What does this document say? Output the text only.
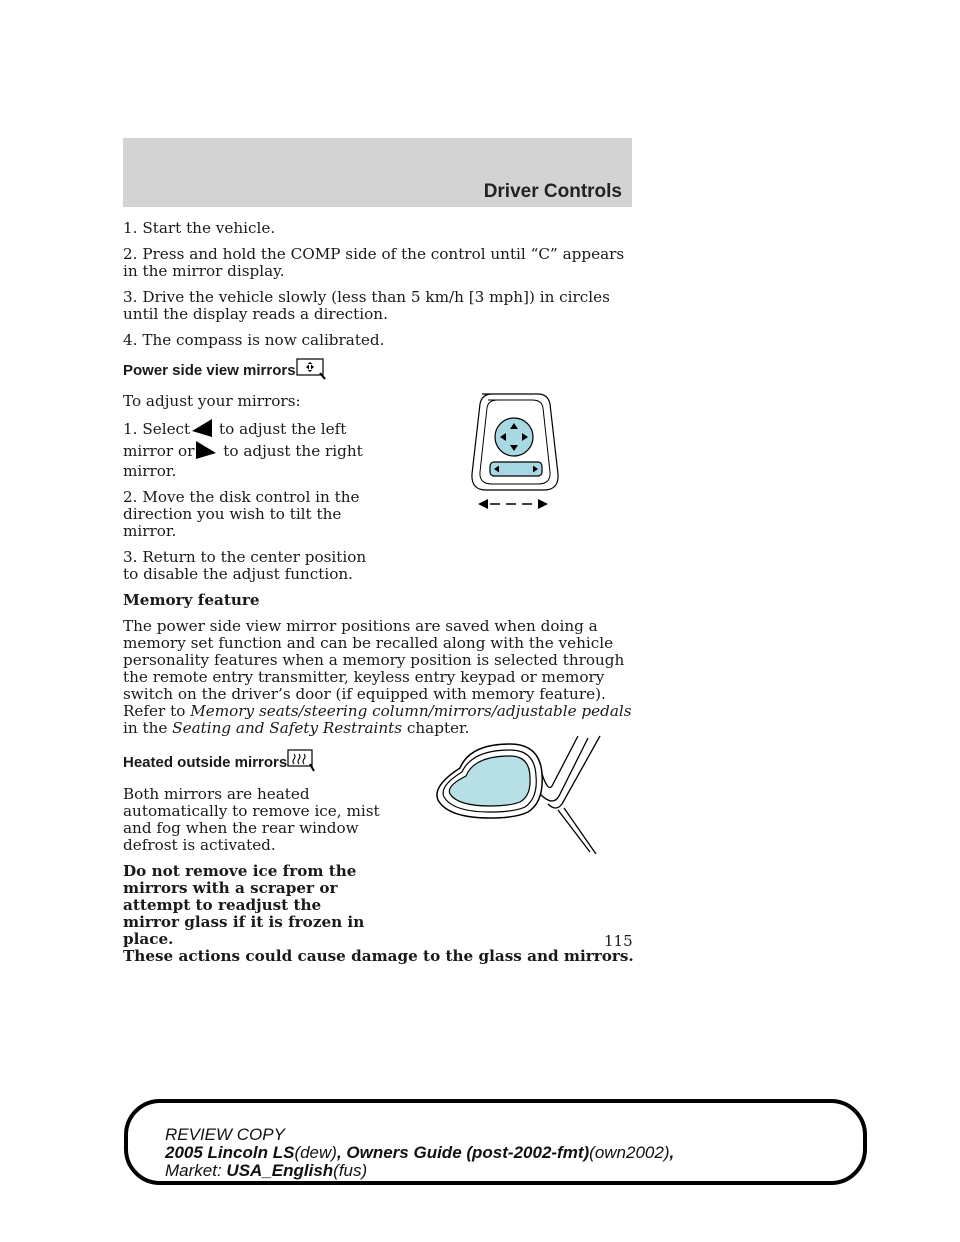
Driver Controls

1. Start the vehicle.

2. Press and hold the COMP side of the control until “C” appears in the mirror display.

3. Drive the vehicle slowly (less than 5 km/h [3 mph]) in circles until the display reads a direction.

4. The compass is now calibrated.

Power side view mirrors

To adjust your mirrors:

1. Select to adjust the left mirror or to adjust the right mirror.

2. Move the disk control in the direction you wish to tilt the mirror.

3. Return to the center position to disable the adjust function.

Memory feature

The power side view mirror positions are saved when doing a memory set function and can be recalled along with the vehicle personality features when a memory position is selected through the remote entry transmitter, keyless entry keypad or memory switch on the driver’s door (if equipped with memory feature). Refer to Memory seats/steering column/mirrors/adjustable pedals in the Seating and Safety Restraints chapter.

Heated outside mirrors

Both mirrors are heated automatically to remove ice, mist and fog when the rear window defrost is activated.

Do not remove ice from the mirrors with a scraper or attempt to readjust the mirror glass if it is frozen in place.
These actions could cause damage to the glass and mirrors.
115
REVIEW COPY
2005 Lincoln LS(dew), Owners Guide (post-2002-fmt)(own2002),
Market: USA_English(fus)
